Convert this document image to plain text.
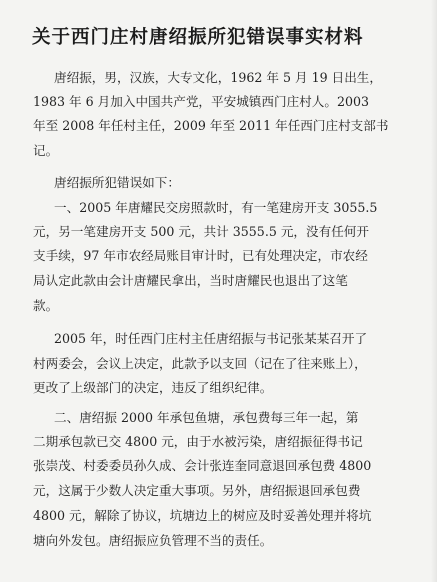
关于西门庄村唐绍振所犯错误事实材料
唐绍振，男，汉族，大专文化，1962 年 5 月 19 日出生，
1983 年 6 月加入中国共产党，平安城镇西门庄村人。2003
年至 2008 年任村主任，2009 年至 2011 年任西门庄村支部书
记。
唐绍振所犯错误如下：
一、2005 年唐耀民交房照款时，有一笔建房开支 3055.5
元，另一笔建房开支 500 元，共计 3555.5 元，没有任何开
支手续，97 年市农经局账目审计时，已有处理决定，市农经
局认定此款由会计唐耀民拿出，当时唐耀民也退出了这笔
款。
2005 年，时任西门庄村主任唐绍振与书记张某某召开了
村两委会，会议上决定，此款予以支回（记在了往来账上），
更改了上级部门的决定，违反了组织纪律。
二、唐绍振 2000 年承包鱼塘，承包费每三年一起，第
二期承包款已交 4800 元，由于水被污染，唐绍振征得书记
张崇茂、村委委员孙久成、会计张连奎同意退回承包费 4800
元，这属于少数人决定重大事项。另外，唐绍振退回承包费
4800 元，解除了协议，坑塘边上的树应及时妥善处理并将坑
塘向外发包。唐绍振应负管理不当的责任。
